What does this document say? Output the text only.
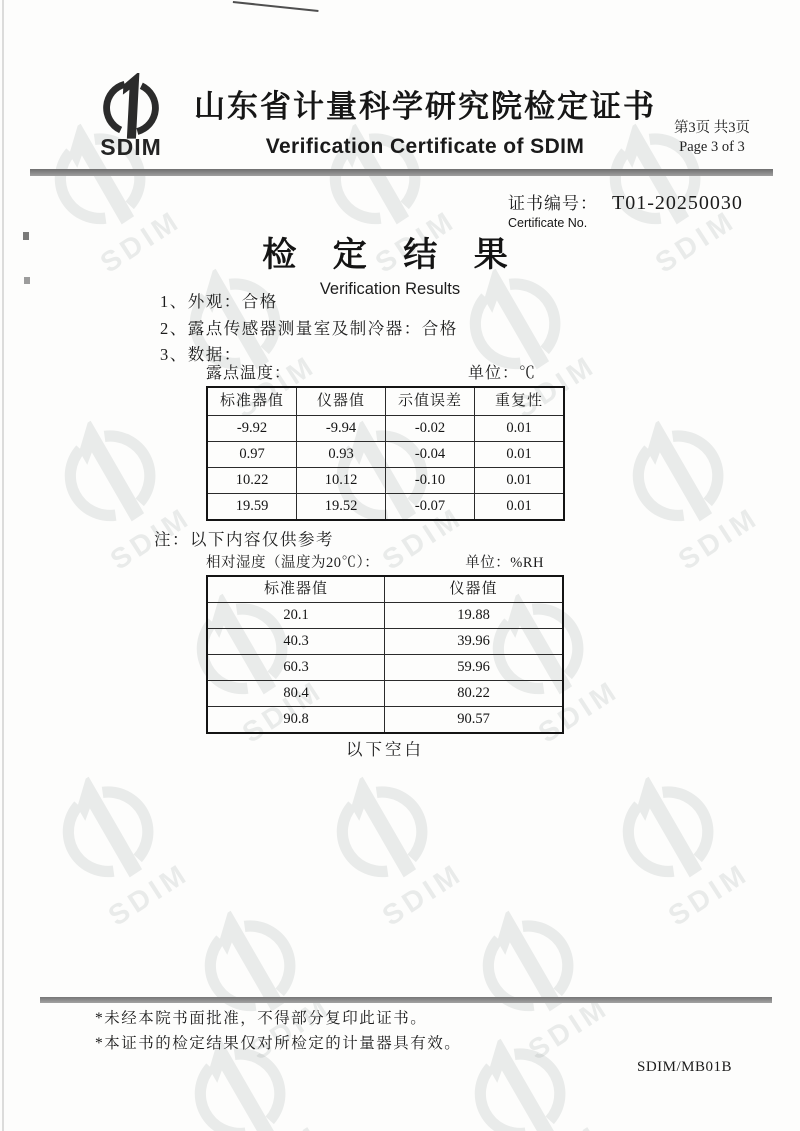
SDIM
山东省计量科学研究院检定证书
Verification Certificate of SDIM
第3页 共3页
Page 3 of 3
证书编号： T01-20250030
Certificate No.
检 定 结 果
Verification Results
1、外观：合格
2、露点传感器测量室及制冷器：合格
3、数据：
露点温度：	单位：℃
标准器值	仪器值	示值误差	重复性
-9.92	-9.94	-0.02	0.01
0.97	0.93	-0.04	0.01
10.22	10.12	-0.10	0.01
19.59	19.52	-0.07	0.01
注：以下内容仅供参考
相对湿度（温度为20℃）：	单位：%RH
标准器值	仪器值
20.1	19.88
40.3	39.96
60.3	59.96
80.4	80.22
90.8	90.57
以下空白
*未经本院书面批准，不得部分复印此证书。
*本证书的检定结果仅对所检定的计量器具有效。
SDIM/MB01B
